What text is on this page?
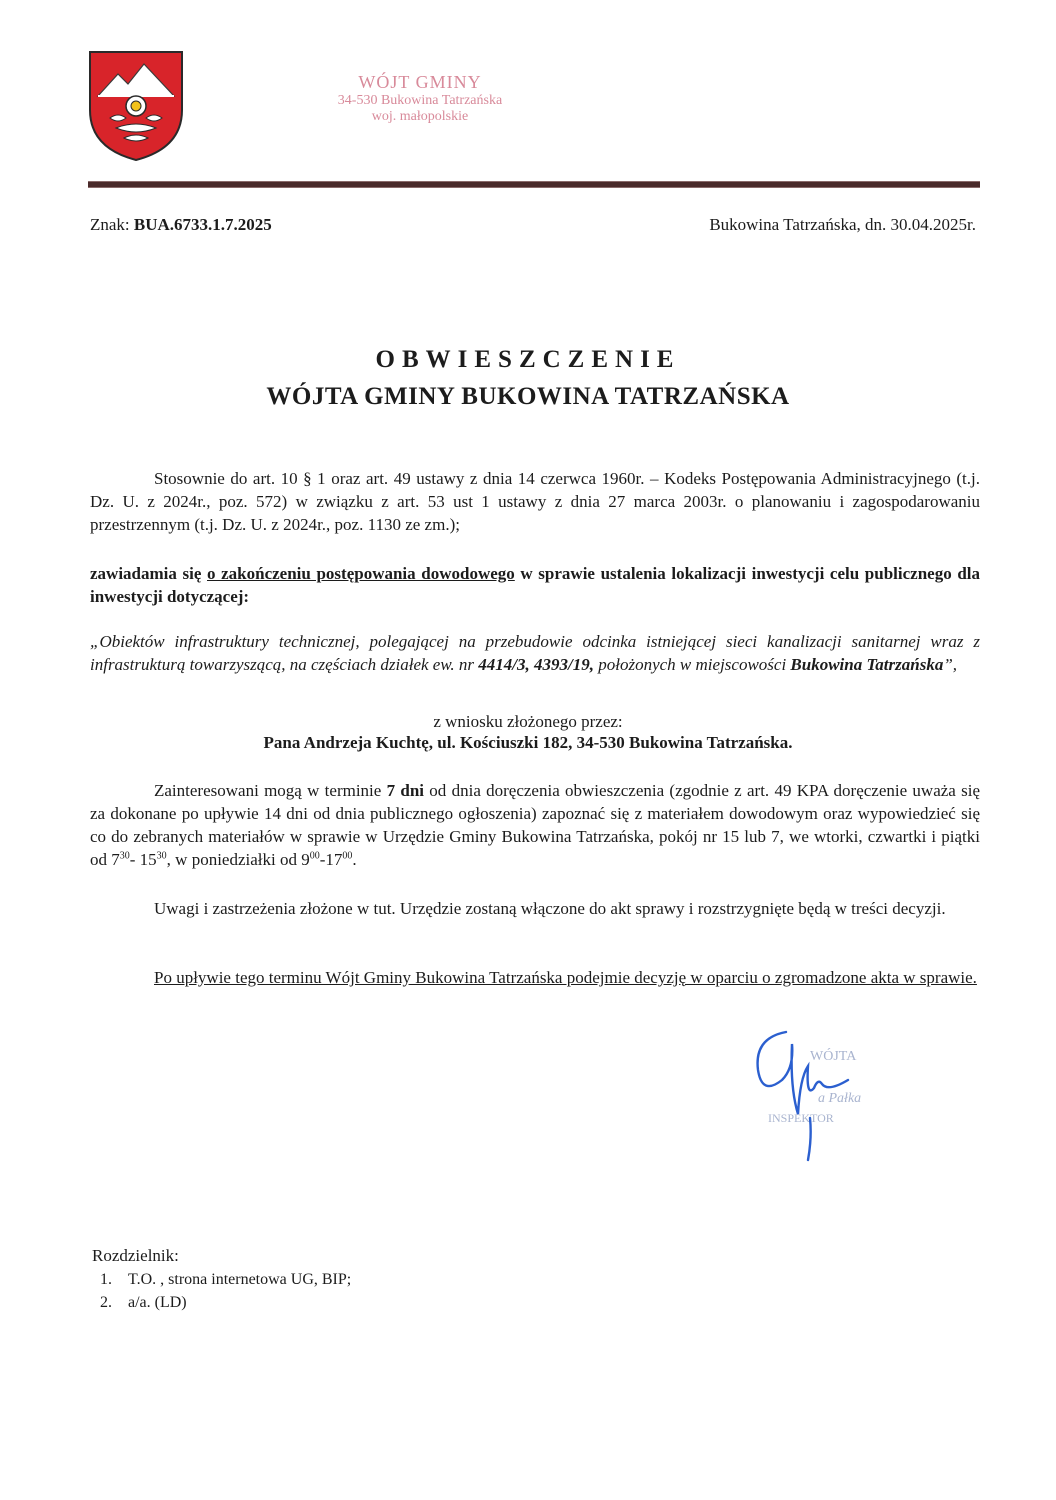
WÓJT GMINY
34-530 Bukowina Tatrzańska
woj. małopolskie
Znak: BUA.6733.1.7.2025	Bukowina Tatrzańska, dn. 30.04.2025r.
OBWIESZCZENIE
WÓJTA GMINY BUKOWINA TATRZAŃSKA
Stosownie do art. 10 § 1 oraz art. 49 ustawy z dnia 14 czerwca 1960r. – Kodeks Postępowania Administracyjnego (t.j. Dz. U. z 2024r., poz. 572) w związku z art. 53 ust 1 ustawy z dnia 27 marca 2003r. o planowaniu i zagospodarowaniu przestrzennym (t.j. Dz. U. z 2024r., poz. 1130 ze zm.);
zawiadamia się o zakończeniu postępowania dowodowego w sprawie ustalenia lokalizacji inwestycji celu publicznego dla inwestycji dotyczącej:
„Obiektów infrastruktury technicznej, polegającej na przebudowie odcinka istniejącej sieci kanalizacji sanitarnej wraz z infrastrukturą towarzyszącą, na częściach działek ew. nr 4414/3, 4393/19, położonych w miejscowości Bukowina Tatrzańska”,
z wniosku złożonego przez:
Pana Andrzeja Kuchtę, ul. Kościuszki 182, 34-530 Bukowina Tatrzańska.
Zainteresowani mogą w terminie 7 dni od dnia doręczenia obwieszczenia (zgodnie z art. 49 KPA doręczenie uważa się za dokonane po upływie 14 dni od dnia publicznego ogłoszenia) zapoznać się z materiałem dowodowym oraz wypowiedzieć się co do zebranych materiałów w sprawie w Urzędzie Gminy Bukowina Tatrzańska, pokój nr 15 lub 7, we wtorki, czwartki i piątki od $7^{30}-$ $15^{30}$, w poniedziałki od $9^{00}-17^{00}$.
Uwagi i zastrzeżenia złożone w tut. Urzędzie zostaną włączone do akt sprawy i rozstrzygnięte będą w treści decyzji.
Po upływie tego terminu Wójt Gminy Bukowina Tatrzańska podejmie decyzję w oparciu o zgromadzone akta w sprawie.
WÓJTA
a Pałka
INSPEKTOR
Rozdzielnik:
1. T.O. , strona internetowa UG, BIP;
2. a/a. (LD)
